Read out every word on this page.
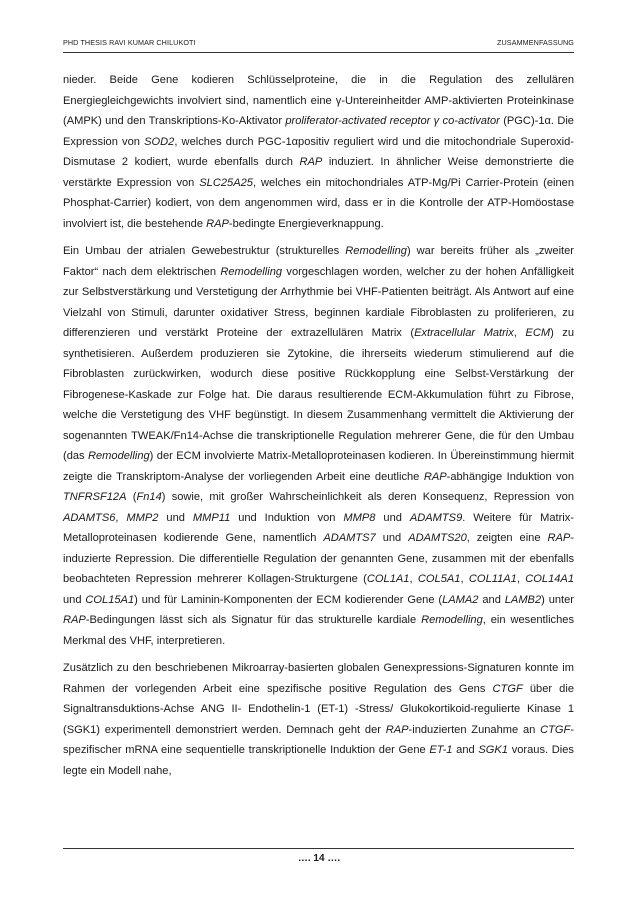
PHD THESIS RAVI KUMAR CHILUKOTI	ZUSAMMENFASSUNG

nieder. Beide Gene kodieren Schlüsselproteine, die in die Regulation des zellulären Energiegleichgewichts involviert sind, namentlich eine γ-Untereinheitder AMP-aktivierten Proteinkinase (AMPK) und den Transkriptions-Ko-Aktivator proliferator-activated receptor γ co-activator (PGC)-1α. Die Expression von SOD2, welches durch PGC-1αpositiv reguliert wird und die mitochondriale Superoxid-Dismutase 2 kodiert, wurde ebenfalls durch RAP induziert. In ähnlicher Weise demonstrierte die verstärkte Expression von SLC25A25, welches ein mitochondriales ATP-Mg/Pi Carrier-Protein (einen Phosphat-Carrier) kodiert, von dem angenommen wird, dass er in die Kontrolle der ATP-Homöostase involviert ist, die bestehende RAP-bedingte Energieverknappung.

Ein Umbau der atrialen Gewebestruktur (strukturelles Remodelling) war bereits früher als „zweiter Faktor“ nach dem elektrischen Remodelling vorgeschlagen worden, welcher zu der hohen Anfälligkeit zur Selbstverstärkung und Verstetigung der Arrhythmie bei VHF-Patienten beiträgt. Als Antwort auf eine Vielzahl von Stimuli, darunter oxidativer Stress, beginnen kardiale Fibroblasten zu proliferieren, zu differenzieren und verstärkt Proteine der extrazellulären Matrix (Extracellular Matrix, ECM) zu synthetisieren. Außerdem produzieren sie Zytokine, die ihrerseits wiederum stimulierend auf die Fibroblasten zurückwirken, wodurch diese positive Rückkopplung eine Selbst-Verstärkung der Fibrogenese-Kaskade zur Folge hat. Die daraus resultierende ECM-Akkumulation führt zu Fibrose, welche die Verstetigung des VHF begünstigt. In diesem Zusammenhang vermittelt die Aktivierung der sogenannten TWEAK/Fn14-Achse die transkriptionelle Regulation mehrerer Gene, die für den Umbau (das Remodelling) der ECM involvierte Matrix-Metalloproteinasen kodieren. In Übereinstimmung hiermit zeigte die Transkriptom-Analyse der vorliegenden Arbeit eine deutliche RAP-abhängige Induktion von TNFRSF12A (Fn14) sowie, mit großer Wahrscheinlichkeit als deren Konsequenz, Repression von ADAMTS6, MMP2 und MMP11 und Induktion von MMP8 und ADAMTS9. Weitere für Matrix-Metalloproteinasen kodierende Gene, namentlich ADAMTS7 und ADAMTS20, zeigten eine RAP-induzierte Repression. Die differentielle Regulation der genannten Gene, zusammen mit der ebenfalls beobachteten Repression mehrerer Kollagen-Strukturgene (COL1A1, COL5A1, COL11A1, COL14A1 und COL15A1) und für Laminin-Komponenten der ECM kodierender Gene (LAMA2 and LAMB2) unter RAP-Bedingungen lässt sich als Signatur für das strukturelle kardiale Remodelling, ein wesentliches Merkmal des VHF, interpretieren.

Zusätzlich zu den beschriebenen Mikroarray-basierten globalen Genexpressions-Signaturen konnte im Rahmen der vorlegenden Arbeit eine spezifische positive Regulation des Gens CTGF über die Signaltransduktions-Achse ANG II- Endothelin-1 (ET-1) -Stress/ Glukokortikoid-regulierte Kinase 1 (SGK1) experimentell demonstriert werden. Demnach geht der RAP-induzierten Zunahme an CTGF-spezifischer mRNA eine sequentielle transkriptionelle Induktion der Gene ET-1 and SGK1 voraus. Dies legte ein Modell nahe,

…. 14 ….
